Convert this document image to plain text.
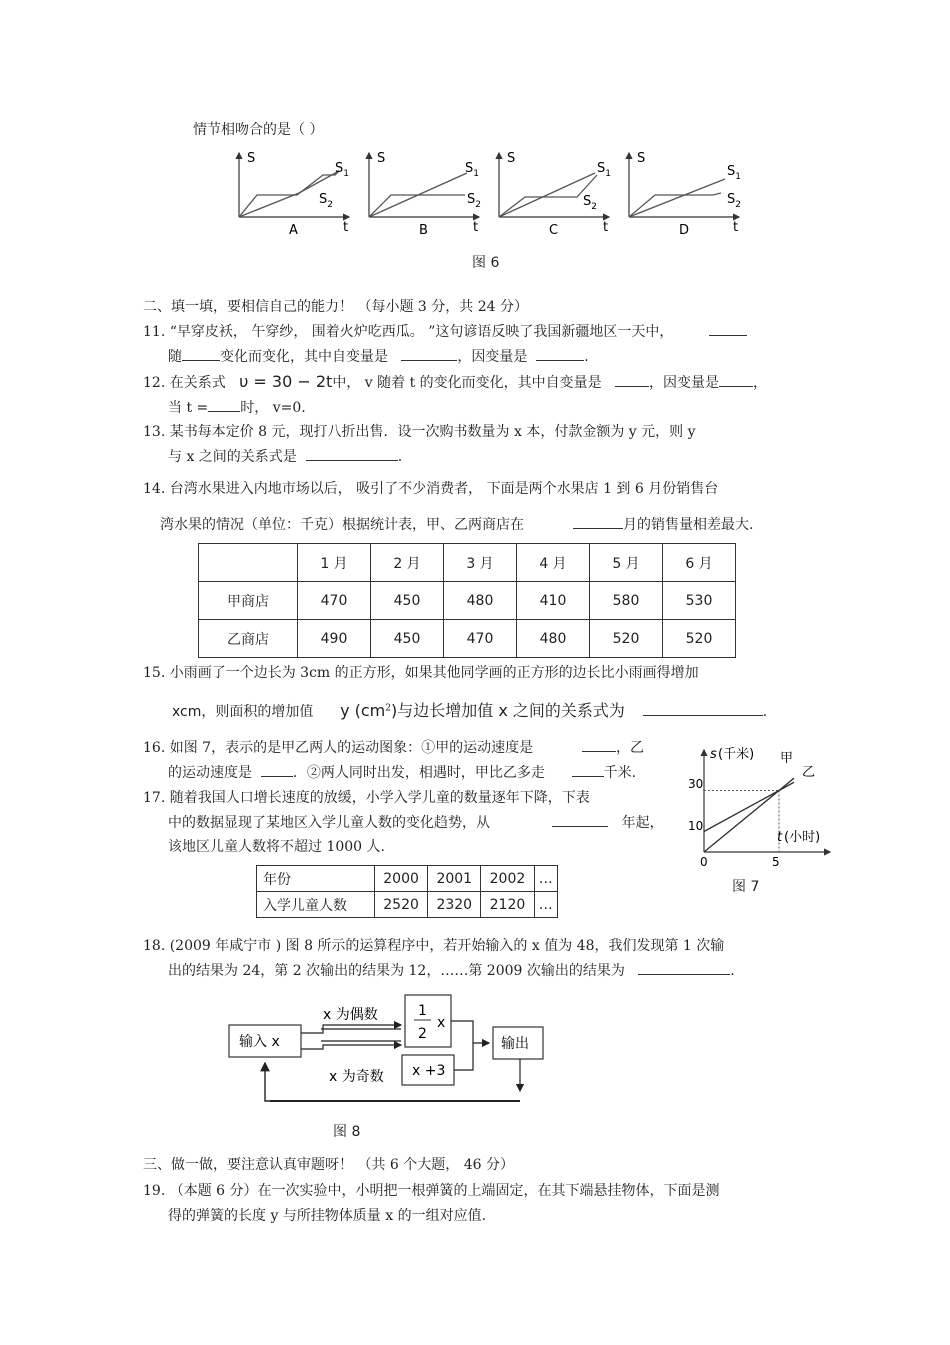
情节相吻合的是（ ）
S
t
$S_1$
$S_2$
A
S
t
$S_1$
$S_2$
B
S
t
$S_1$
$S_2$
C
S
t
$S_1$
$S_2$
D
图 6
二、填一填，要相信自己的能力！ （每小题 3 分，共 24 分）
11. “早穿皮袄， 午穿纱， 围着火炉吃西瓜。 ”这句谚语反映了我国新疆地区一天中，
随	变化而变化，其中自变量是	，因变量是	.
12. 在关系式 υ = 30 − 2t中， v 随着 t 的变化而变化，其中自变量是	，因变量是 ，
当 t = 时， v=0.
13. 某书每本定价 8 元，现打八折出售．设一次购书数量为 x 本，付款金额为 y 元，则 y
与 x 之间的关系式是	.
14. 台湾水果进入内地市场以后， 吸引了不少消费者， 下面是两个水果店 1 到 6 月份销售台
湾水果的情况（单位：千克）根据统计表，甲、乙两商店在	月的销售量相差最大.
	1 月	2 月	3 月	4 月	5 月	6 月
甲商店	470	450	480	410	580	530
乙商店	490	450	470	480	520	520
15. 小雨画了一个边长为 3cm 的正方形，如果其他同学画的正方形的边长比小雨画得增加
xcm，则面积的增加值 y $(cm^2)$与边长增加值 x 之间的关系式为	.
16. 如图 7，表示的是甲乙两人的运动图象：①甲的运动速度是	，乙
的运动速度是	．②两人同时出发，相遇时，甲比乙多走	千米.
17. 随着我国人口增长速度的放缓，小学入学儿童的数量逐年下降，下表
中的数据显现了某地区入学儿童人数的变化趋势，从	年起，
该地区儿童人数将不超过 1000 人.
年份	2000	2001	2002	…
入学儿童人数	2520	2320	2120	…
s (千米)
t (小时)
甲
乙
30
10
0	5
图 7
18. (2009 年咸宁市 ) 图 8 所示的运算程序中，若开始输入的 x 值为 48，我们发现第 1 次输
出的结果为 24，第 2 次输出的结果为 12，……第 2009 次输出的结果为	.
输入 x
1
2
x
x +3
输出
x 为偶数
x 为奇数
图 8
三、做一做，要注意认真审题呀！ （共 6 个大题， 46 分）
19. （本题 6 分）在一次实验中，小明把一根弹簧的上端固定，在其下端悬挂物体，下面是测
得的弹簧的长度 y 与所挂物体质量 x 的一组对应值.
